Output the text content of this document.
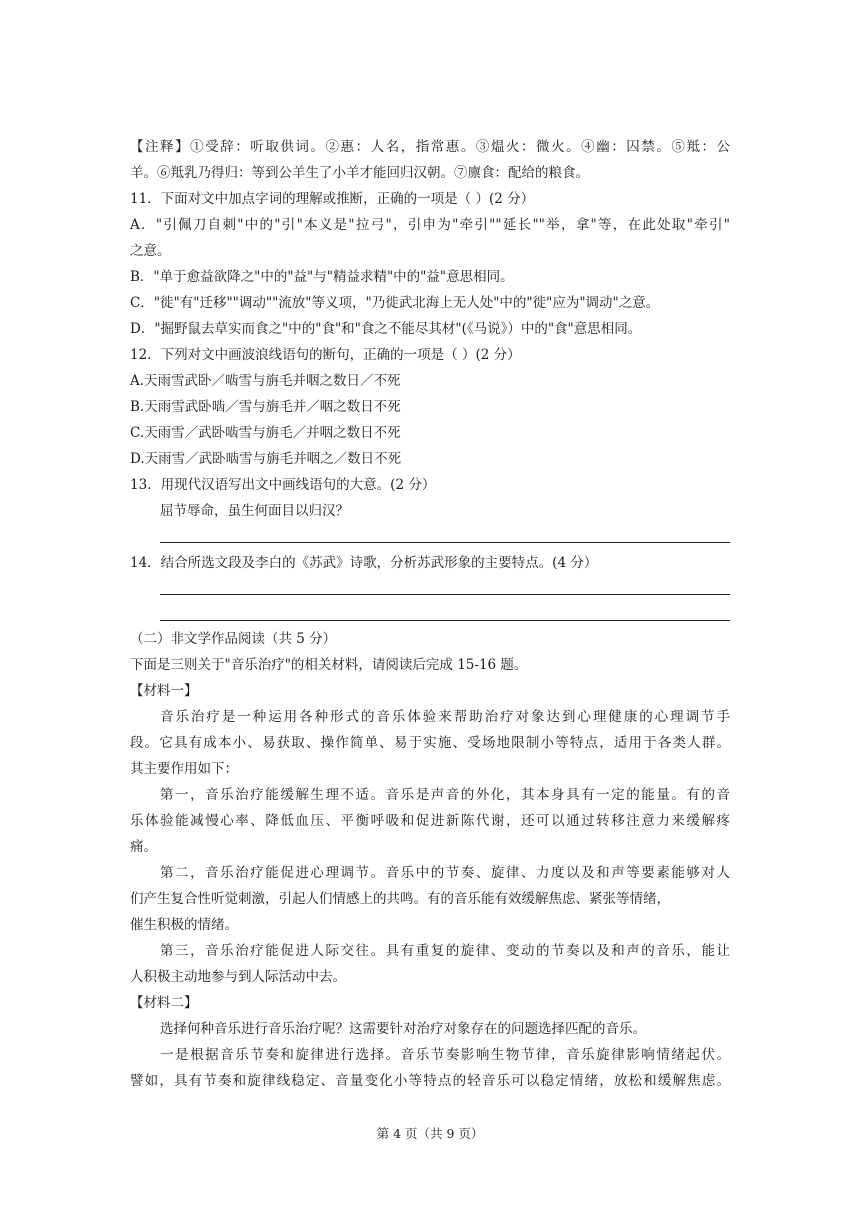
【注释】①受辞：听取供词。②惠：人名，指常惠。③煴火：微火。④幽：囚禁。⑤羝：公
羊。⑥羝乳乃得归：等到公羊生了小羊才能回归汉朝。⑦廪食：配给的粮食。
11．下面对文中加点字词的理解或推断，正确的一项是（ ）(2 分）
A．"引佩刀自刺"中的"引"本义是"拉弓"，引申为"牵引""延长""举，拿"等，在此处取"牵引"
之意。
B．"单于愈益欲降之"中的"益"与"精益求精"中的"益"意思相同。
C．"徙"有"迁移""调动""流放"等义项，"乃徙武北海上无人处"中的"徙"应为"调动"之意。
D．"掘野鼠去草实而食之"中的"食"和"食之不能尽其材"(《马说》）中的"食"意思相同。
12．下列对文中画波浪线语句的断句，正确的一项是（ ）(2 分）
A.天雨雪武卧／啮雪与旃毛并咽之数日／不死
B.天雨雪武卧啮／雪与旃毛并／咽之数日不死
C.天雨雪／武卧啮雪与旃毛／并咽之数日不死
D.天雨雪／武卧啮雪与旃毛并咽之／数日不死
13．用现代汉语写出文中画线语句的大意。(2 分）
屈节辱命，虽生何面目以归汉？
14．结合所选文段及李白的《苏武》诗歌，分析苏武形象的主要特点。(4 分）
（二）非文学作品阅读（共 5 分）
下面是三则关于"音乐治疗"的相关材料，请阅读后完成 15-16 题。
【材料一】
音乐治疗是一种运用各种形式的音乐体验来帮助治疗对象达到心理健康的心理调节手
段。它具有成本小、易获取、操作简单、易于实施、受场地限制小等特点，适用于各类人群。
其主要作用如下：
第一，音乐治疗能缓解生理不适。音乐是声音的外化，其本身具有一定的能量。有的音
乐体验能减慢心率、降低血压、平衡呼吸和促进新陈代谢，还可以通过转移注意力来缓解疼
痛。
第二，音乐治疗能促进心理调节。音乐中的节奏、旋律、力度以及和声等要素能够对人
们产生复合性听觉刺激，引起人们情感上的共鸣。有的音乐能有效缓解焦虑、紧张等情绪，
催生积极的情绪。
第三，音乐治疗能促进人际交往。具有重复的旋律、变动的节奏以及和声的音乐，能让
人积极主动地参与到人际活动中去。
【材料二】
选择何种音乐进行音乐治疗呢？这需要针对治疗对象存在的问题选择匹配的音乐。
一是根据音乐节奏和旋律进行选择。音乐节奏影响生物节律，音乐旋律影响情绪起伏。
譬如，具有节奏和旋律线稳定、音量变化小等特点的轻音乐可以稳定情绪，放松和缓解焦虑。
第 4 页（共 9 页）
